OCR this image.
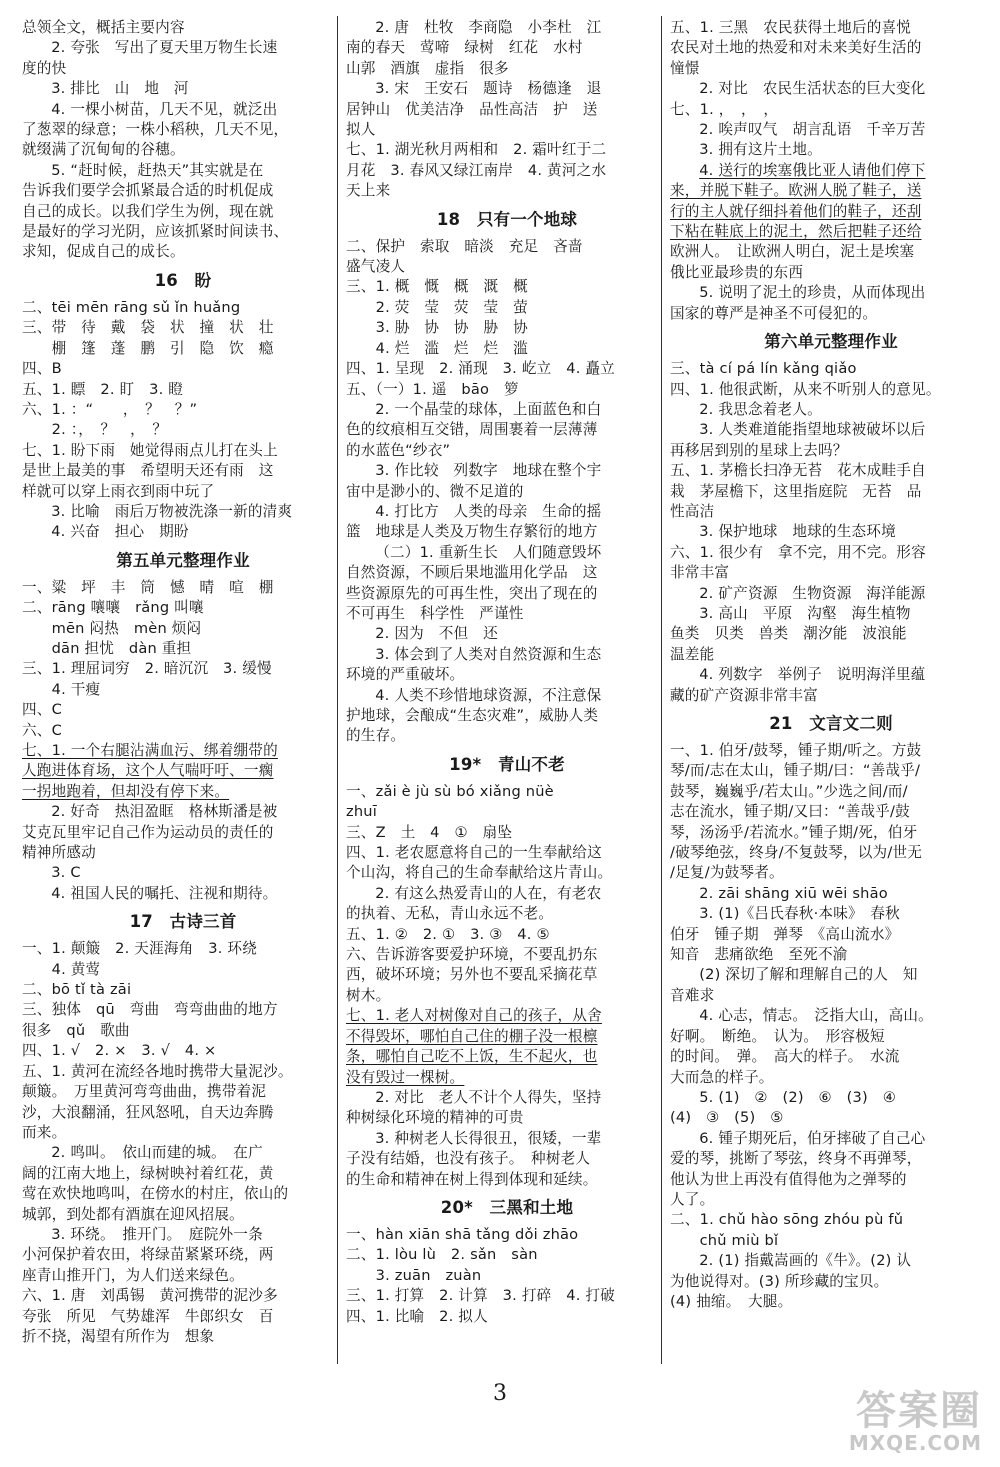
总领全文，概括主要内容
2. 夸张　写出了夏天里万物生长速
度的快
3. 排比　山　地　河
4. 一棵小树苗，几天不见，就泛出
了葱翠的绿意；一株小稻秧，几天不见，
就缀满了沉甸甸的谷穗。
5. “赶时候，赶热天”其实就是在
告诉我们要学会抓紧最合适的时机促成
自己的成长。以我们学生为例，现在就
是最好的学习光阴，应该抓紧时间读书、
求知，促成自己的成长。
16　盼
二、tēi mēn rāng sǔ ǐn huǎng
三、带　待　戴　袋　状　撞　状　壮
　　棚　篷　蓬　鹏　引　隐　饮　瘾
四、B
五、1. 瞟　2. 盯　3. 瞪
六、1. ：“　　，　？　？”
　　2. ：，　？　，　？
七、1. 盼下雨　她觉得雨点儿打在头上
是世上最美的事　希望明天还有雨　这
样就可以穿上雨衣到雨中玩了
3. 比喻　雨后万物被洗涤一新的清爽
4. 兴奋　担心　期盼
第五单元整理作业
一、粱　坪　丰　筒　憾　晴　喧　棚
二、rāng 嚷嚷　rǎng 叫嚷
　　mēn 闷热　mèn 烦闷
　　dān 担忧　dàn 重担
三、1. 理屈词穷　2. 暗沉沉　3. 缓慢
　　4. 干瘦
四、C
六、C
七、1. 一个右腿沾满血污、绑着绷带的
人跑进体育场，这个人气喘吁吁、一瘸
一拐地跑着，但却没有停下来。
2. 好奇　热泪盈眶　格林斯潘是被
艾克瓦里牢记自己作为运动员的责任的
精神所感动
3. C
4. 祖国人民的嘱托、注视和期待。
17　古诗三首
一、1. 颠簸　2. 天涯海角　3. 环绕
　　4. 黄莺
二、bō tǐ tà zāi
三、独体　qū　弯曲　弯弯曲曲的地方
很多　qǔ　歌曲
四、1. √　2. ×　3. √　4. ×
五、1. 黄河在流经各地时携带大量泥沙。
颠簸。　万里黄河弯弯曲曲，携带着泥
沙，大浪翻涌，狂风怒吼，自天边奔腾
而来。
2. 鸣叫。　依山而建的城。　在广
阔的江南大地上，绿树映衬着红花，黄
莺在欢快地鸣叫，在傍水的村庄，依山的
城郭，到处都有酒旗在迎风招展。
3. 环绕。　推开门。　庭院外一条
小河保护着农田，将绿苗紧紧环绕，两
座青山推开门，为人们送来绿色。
六、1. 唐　刘禹锡　黄河携带的泥沙多
夸张　所见　气势雄浑　牛郎织女　百
折不挠，渴望有所作为　想象
2. 唐　杜牧　李商隐　小李杜　江
南的春天　莺啼　绿树　红花　水村
山郭　酒旗　虚指　很多
3. 宋　王安石　题诗　杨德逢　退
居钟山　优美洁净　品性高洁　护　送
拟人
七、1. 湖光秋月两相和　2. 霜叶红于二
月花　3. 春风又绿江南岸　4. 黄河之水
天上来
18　只有一个地球
二、保护　索取　暗淡　充足　吝啬
盛气凌人
三、1. 概　慨　概　溉　概
　　2. 荧　莹　荧　莹　萤
　　3. 胁　协　协　胁　协
　　4. 烂　滥　烂　烂　滥
四、1. 呈现　2. 涌现　3. 屹立　4. 矗立
五、（一）1. 遥　bāo　箩
2. 一个晶莹的球体，上面蓝色和白
色的纹痕相互交错，周围裹着一层薄薄
的水蓝色“纱衣”
3. 作比较　列数字　地球在整个宇
宙中是渺小的、微不足道的
4. 打比方　人类的母亲　生命的摇
篮　地球是人类及万物生存繁衍的地方
（二）1. 重新生长　人们随意毁坏
自然资源，不顾后果地滥用化学品　这
些资源原先的可再生性，突出了现在的
不可再生　科学性　严谨性
2. 因为　不但　还
3. 体会到了人类对自然资源和生态
环境的严重破坏。
4. 人类不珍惜地球资源，不注意保
护地球，会酿成“生态灾难”，威胁人类
的生存。
19*　青山不老
一、zǎi è jù sù bó xiǎng nüè
zhuī
三、Z　土　4　①　扇坠
四、1. 老农愿意将自己的一生奉献给这
个山沟，将自己的生命奉献给这片青山。
2. 有这么热爱青山的人在，有老农
的执着、无私，青山永远不老。
五、1. ②　2. ①　3. ③　4. ⑤
六、告诉游客要爱护环境，不要乱扔东
西，破坏环境；另外也不要乱采摘花草
树木。
七、1. 老人对树像对自己的孩子，从舍
不得毁坏，哪怕自己住的棚子没一根檩
条，哪怕自己吃不上饭，生不起火，也
没有毁过一棵树。
2. 对比　老人不计个人得失，坚持
种树绿化环境的精神的可贵
3. 种树老人长得很丑，很矮，一辈
子没有结婚，也没有孩子。　种树老人
的生命和精神在树上得到体现和延续。
20*　三黑和土地
一、hàn xiān shā tǎng dǒi zhāo
二、1. lòu lù　2. sǎn　sàn
　　3. zuān　zuàn
三、1. 打算　2. 计算　3. 打碎　4. 打破
四、1. 比喻　2. 拟人
五、1. 三黑　农民获得土地后的喜悦
农民对土地的热爱和对未来美好生活的
憧憬
2. 对比　农民生活状态的巨大变化
七、1. ，　，　，
2. 唉声叹气　胡言乱语　千辛万苦
3. 拥有这片土地。
4. 送行的埃塞俄比亚人请他们停下
来，并脱下鞋子。欧洲人脱了鞋子，送
行的主人就仔细抖着他们的鞋子，还刮
下粘在鞋底上的泥土，然后把鞋子还给
欧洲人。　让欧洲人明白，泥土是埃塞
俄比亚最珍贵的东西
5. 说明了泥土的珍贵，从而体现出
国家的尊严是神圣不可侵犯的。
第六单元整理作业
三、tà cí pá lín kǎng qiǎo
四、1. 他很武断，从来不听别人的意见。
2. 我思念着老人。
3. 人类难道能指望地球被破坏以后
再移居到别的星球上去吗？
五、1. 茅檐长扫净无苔　花木成畦手自
栽　茅屋檐下，这里指庭院　无苔　品
性高洁
3. 保护地球　地球的生态环境
六、1. 很少有　拿不完，用不完。形容
非常丰富
2. 矿产资源　生物资源　海洋能源
3. 高山　平原　沟壑　海生植物
鱼类　贝类　兽类　潮汐能　波浪能
温差能
4. 列数字　举例子　说明海洋里蕴
藏的矿产资源非常丰富
21　文言文二则
一、1. 伯牙/鼓琴，锺子期/听之。方鼓
琴/而/志在太山，锺子期/曰：“善哉乎/
鼓琴，巍巍乎/若太山。”少选之间/而/
志在流水，锺子期/又曰：“善哉乎/鼓
琴，汤汤乎/若流水。”锺子期/死，伯牙
/破琴绝弦，终身/不复鼓琴，以为/世无
/足复/为鼓琴者。
2. zāi shāng xiū wēi shāo
3. (1)《吕氏春秋·本味》　春秋
伯牙　锺子期　弹琴　《高山流水》
知音　悲痛欲绝　至死不渝
(2) 深切了解和理解自己的人　知
音难求
4. 心志，情志。　泛指大山，高山。
好啊。　断绝。　认为。　形容极短
的时间。　弹。　高大的样子。　水流
大而急的样子。
5. (1)　②　(2)　⑥　(3)　④
(4)　③　(5)　⑤
6. 锺子期死后，伯牙摔破了自己心
爱的琴，挑断了琴弦，终身不再弹琴，
他认为世上再没有值得他为之弹琴的
人了。
二、1. chǔ hào sōng zhóu pù fǔ
　　chǔ miù bǐ
2. (1) 指戴嵩画的《牛》。(2) 认
为他说得对。(3) 所珍藏的宝贝。
(4) 抽缩。　大腿。
3	答案圈
MXQE.COM
